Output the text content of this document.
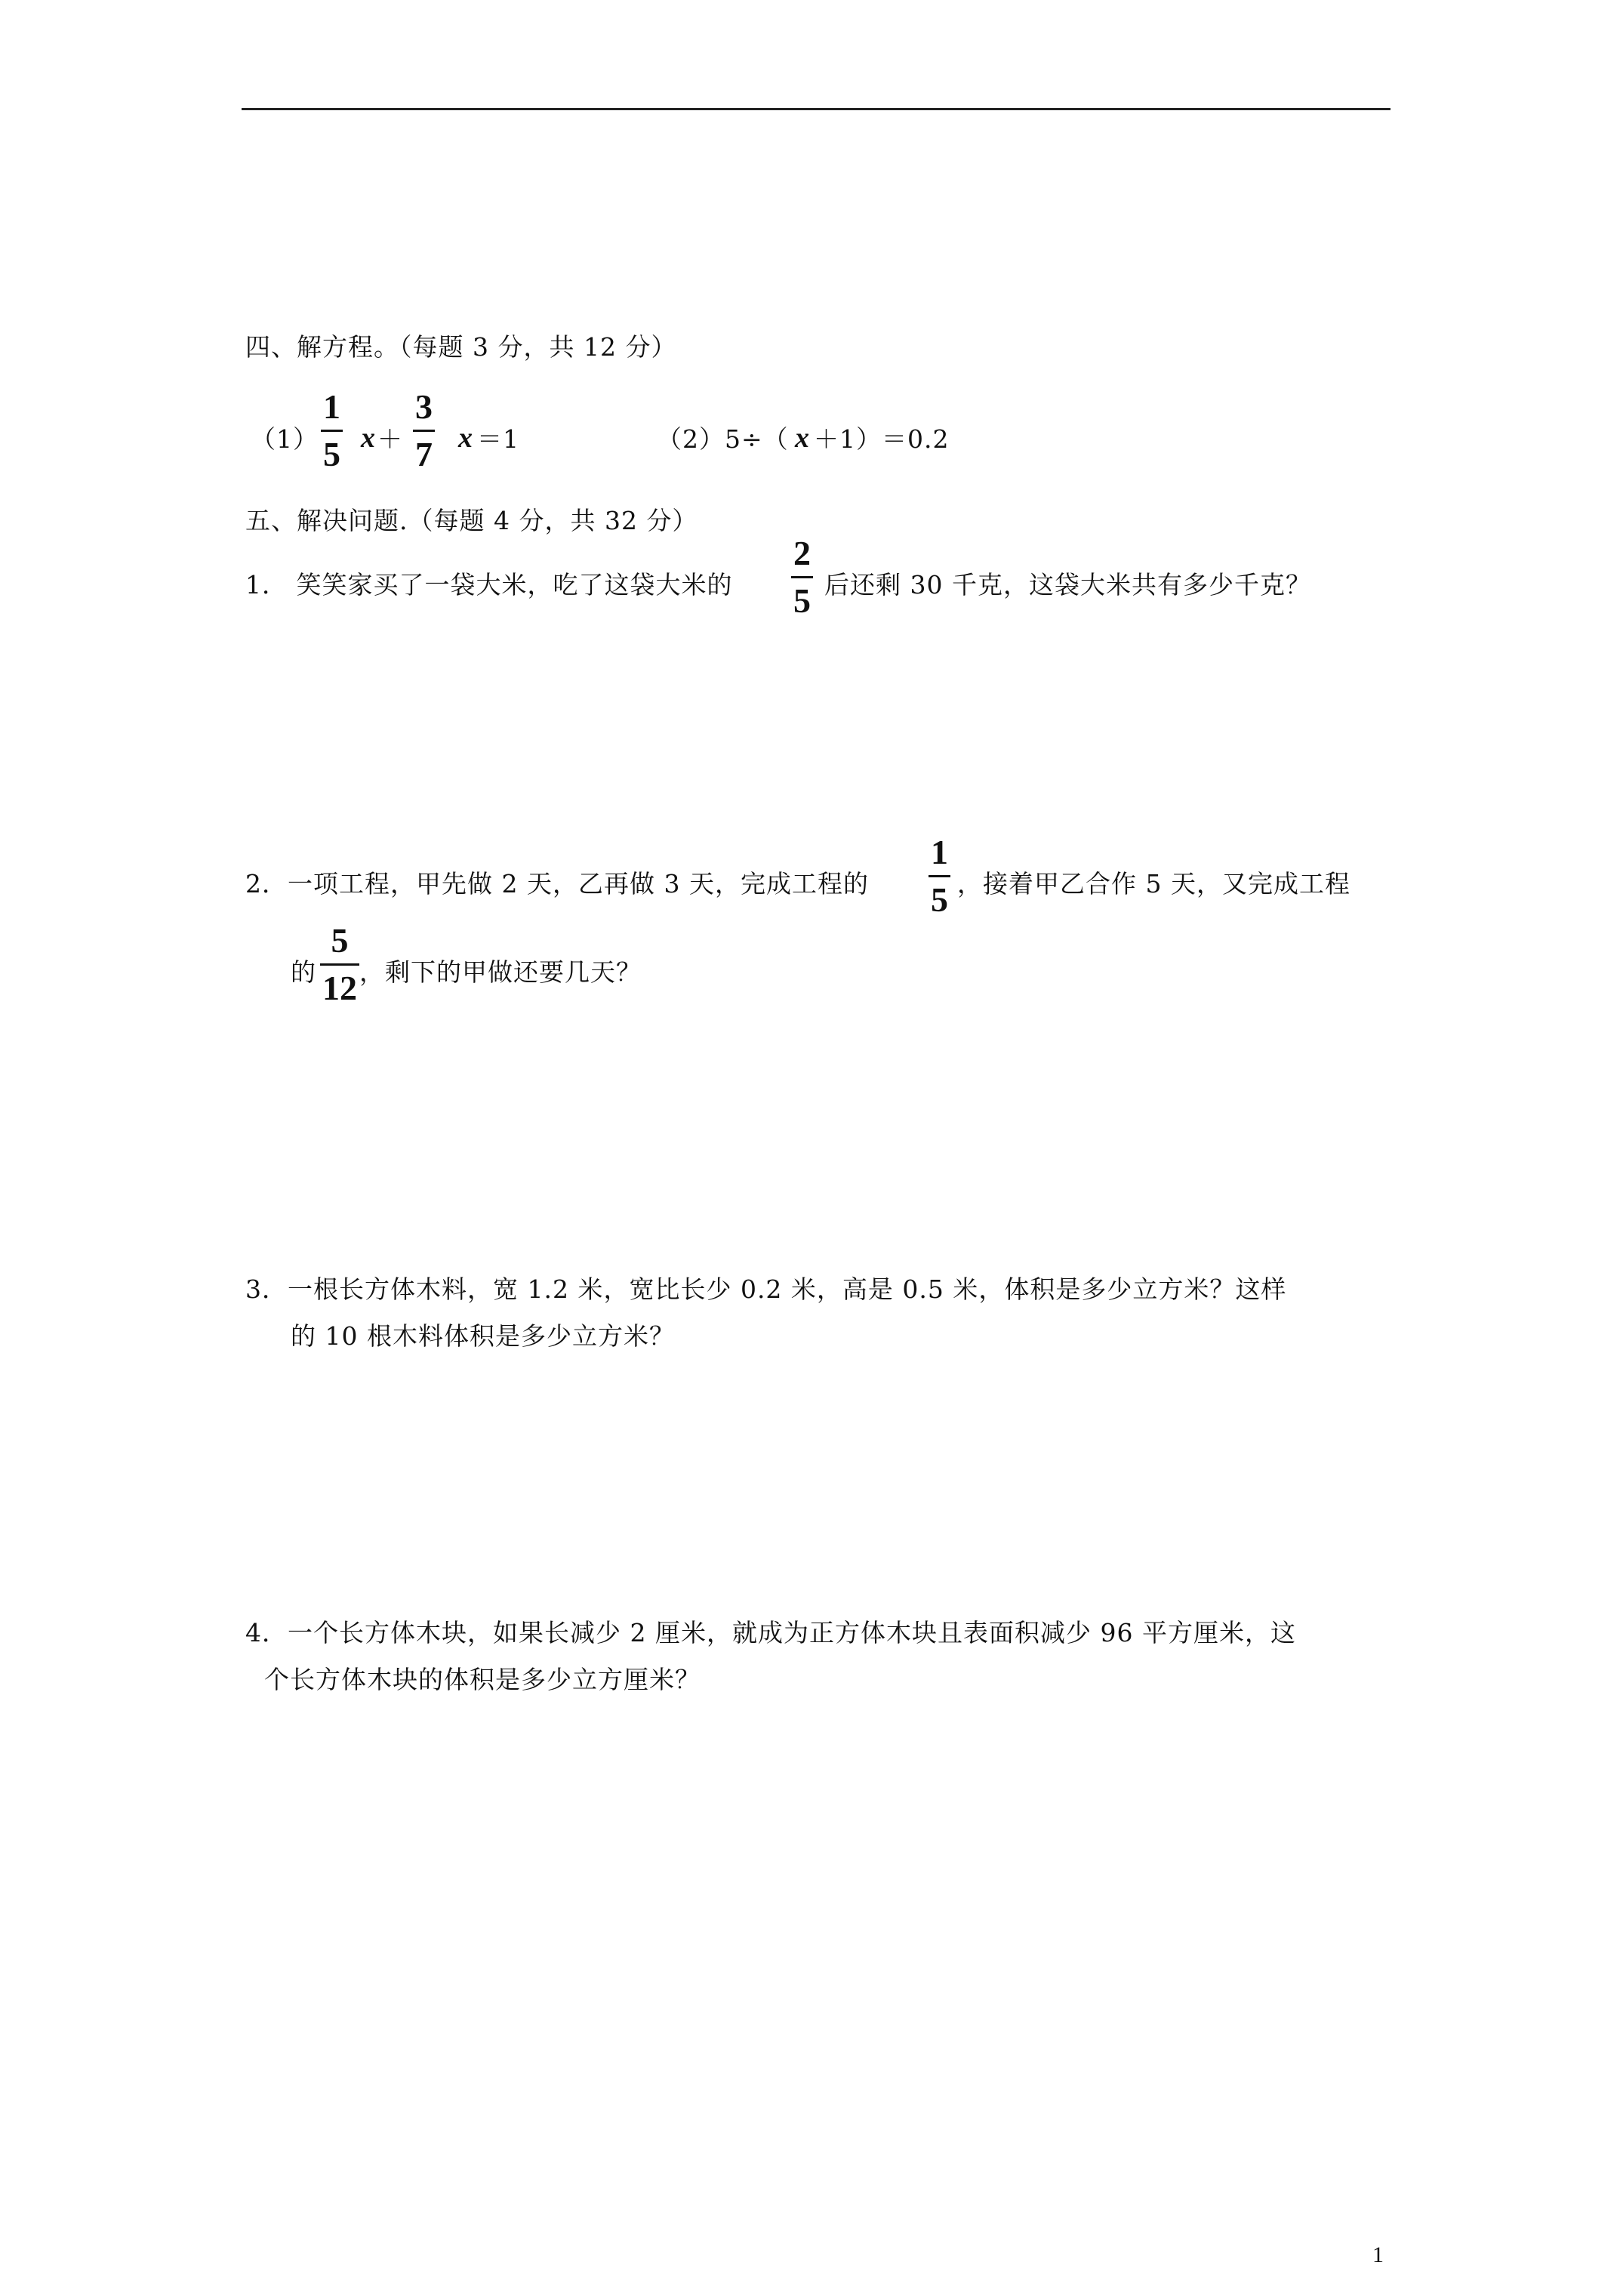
四、解方程。（每题 3 分，共 12 分）
（1）
1
5 x ＋
3
7 x ＝1	（2）5÷（ x ＋1）＝0.2
五、解决问题.（每题 4 分，共 32 分）
1． 笑笑家买了一袋大米，吃了这袋大米的
2
5 后还剩 30 千克，这袋大米共有多少千克？
2．一项工程，甲先做 2 天，乙再做 3 天，完成工程的
1
5 ，接着甲乙合作 5 天，又完成工程
的
5
12 ，剩下的甲做还要几天？
3．一根长方体木料，宽 1.2 米，宽比长少 0.2 米，高是 0.5 米，体积是多少立方米？这样
的 10 根木料体积是多少立方米？
4．一个长方体木块，如果长减少 2 厘米，就成为正方体木块且表面积减少 96 平方厘米，这
个长方体木块的体积是多少立方厘米？
1
